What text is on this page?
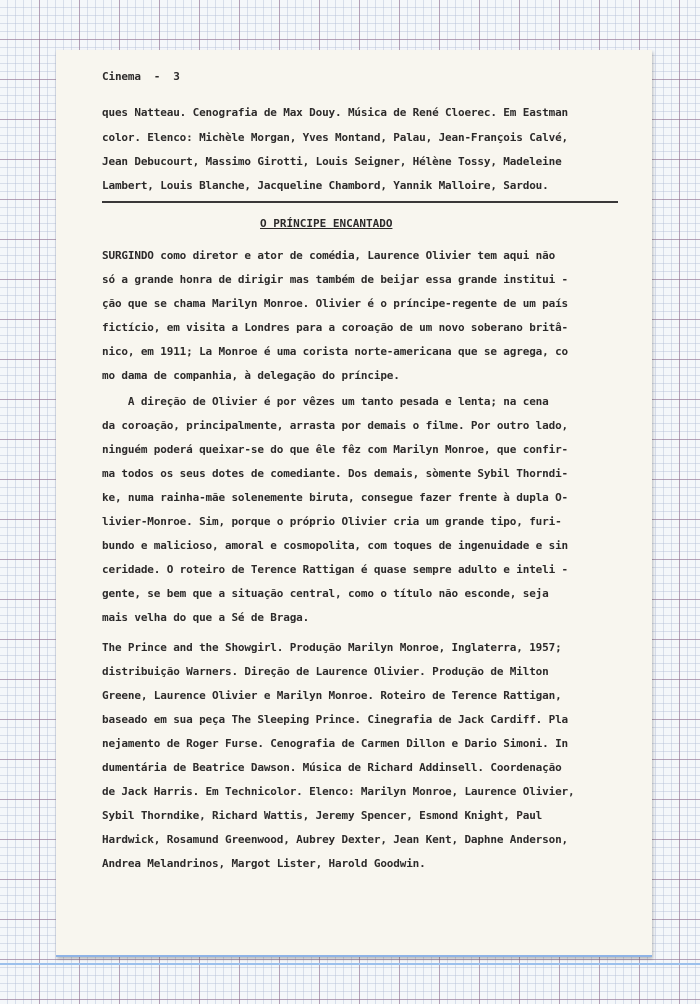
Cinema  -  3
ques Natteau. Cenografia de Max Douy. Música de René Cloerec. Em Eastman
color. Elenco: Michèle Morgan, Yves Montand, Palau, Jean-François Calvé,
Jean Debucourt, Massimo Girotti, Louis Seigner, Hélène Tossy, Madeleine
Lambert, Louis Blanche, Jacqueline Chambord, Yannik Malloire, Sardou.
O PRÍNCIPE ENCANTADO
SURGINDO como diretor e ator de comédia, Laurence Olivier tem aqui não
só a grande honra de dirigir mas também de beijar essa grande institui -
ção que se chama Marilyn Monroe. Olivier é o príncipe-regente de um país
fictício, em visita a Londres para a coroação de um novo soberano britâ-
nico, em 1911; La Monroe é uma corista norte-americana que se agrega, co
mo dama de companhia, à delegação do príncipe.
A direção de Olivier é por vêzes um tanto pesada e lenta; na cena
da coroação, principalmente, arrasta por demais o filme. Por outro lado,
ninguém poderá queixar-se do que êle fêz com Marilyn Monroe, que confir-
ma todos os seus dotes de comediante. Dos demais, sòmente Sybil Thorndi-
ke, numa rainha-mãe solenemente biruta, consegue fazer frente à dupla O-
livier-Monroe. Sim, porque o próprio Olivier cria um grande tipo, furi-
bundo e malicioso, amoral e cosmopolita, com toques de ingenuidade e sin
ceridade. O roteiro de Terence Rattigan é quase sempre adulto e inteli -
gente, se bem que a situação central, como o título não esconde, seja
mais velha do que a Sé de Braga.
The Prince and the Showgirl. Produção Marilyn Monroe, Inglaterra, 1957;
distribuição Warners. Direção de Laurence Olivier. Produção de Milton
Greene, Laurence Olivier e Marilyn Monroe. Roteiro de Terence Rattigan,
baseado em sua peça The Sleeping Prince. Cinegrafia de Jack Cardiff. Pla
nejamento de Roger Furse. Cenografia de Carmen Dillon e Dario Simoni. In
dumentária de Beatrice Dawson. Música de Richard Addinsell. Coordenação
de Jack Harris. Em Technicolor. Elenco: Marilyn Monroe, Laurence Olivier,
Sybil Thorndike, Richard Wattis, Jeremy Spencer, Esmond Knight, Paul
Hardwick, Rosamund Greenwood, Aubrey Dexter, Jean Kent, Daphne Anderson,
Andrea Melandrinos, Margot Lister, Harold Goodwin.
